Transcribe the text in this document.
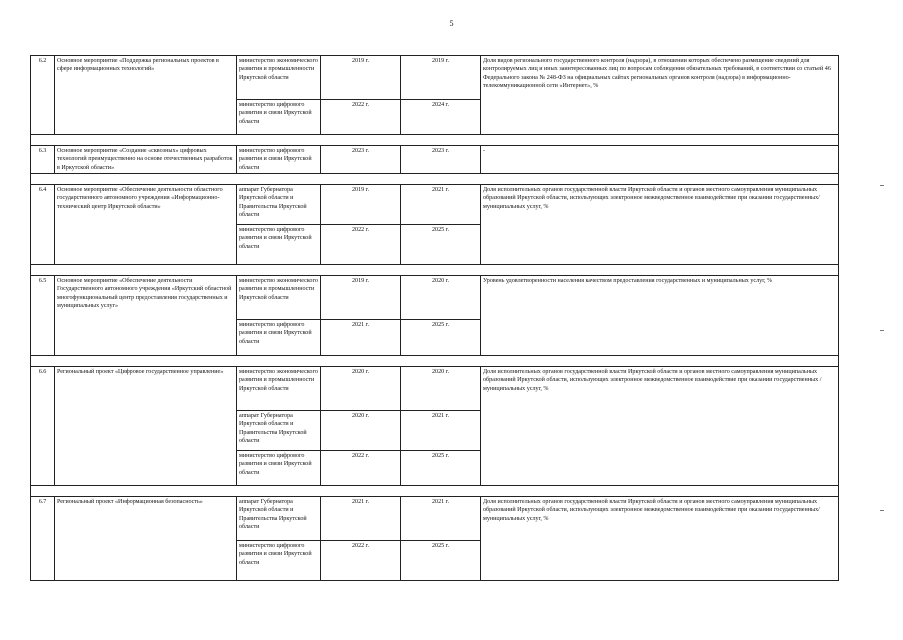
5
6.2	Основное мероприятие «Поддержка региональных проектов в сфере информационных технологий»	министерство экономического развития и промышленности Иркутской области	2019 г.	2019 г.	Доля видов регионального государственного контроля (надзора), в отношении которых обеспечено размещение сведений для контролируемых лиц и иных заинтересованных лиц по вопросам соблюдения обязательных требований, в соответствии со статьей 46 Федерального закона № 248-ФЗ на официальных сайтах региональных органов контроля (надзора) в информационно-телекоммуникационной сети «Интернет», %
		министерство цифрового развития и связи Иркутской области	2022 г.	2024 г.	

6.3	Основное мероприятие «Создание «сквозных» цифровых технологий преимущественно на основе отечественных разработок в Иркутской области»	министерство цифрового развития и связи Иркутской области	2023 г.	2023 г.	-

6.4	Основное мероприятие «Обеспечение деятельности областного государственного автономного учреждения «Информационно-технический центр Иркутской области»	аппарат Губернатора Иркутской области и Правительства Иркутской области	2019 г.	2021 г.	Доля исполнительных органов государственной власти Иркутской области и органов местного самоуправления муниципальных образований Иркутской области, использующих электронное межведомственное взаимодействие при оказании государственных/муниципальных услуг, %
		министерство цифрового развития и связи Иркутской области	2022 г.	2025 г.	

6.5	Основное мероприятие «Обеспечение деятельности Государственного автономного учреждения «Иркутский областной многофункциональный центр предоставления государственных и муниципальных услуг»	министерство экономического развития и промышленности Иркутской области	2019 г.	2020 г.	Уровень удовлетворенности населения качеством предоставления государственных и муниципальных услуг, %
		министерство цифрового развития и связи Иркутской области	2021 г.	2025 г.	

6.6	Региональный проект «Цифровое государственное управление»	министерство экономического развития и промышленности Иркутской области	2020 г.	2020 г.	Доля исполнительных органов государственной власти Иркутской области и органов местного самоуправления муниципальных образований Иркутской области, использующих электронное межведомственное взаимодействие при оказании государственных /муниципальных услуг, %
		аппарат Губернатора Иркутской области и Правительства Иркутской области	2020 г.	2021 г.	
		министерство цифрового развития и связи Иркутской области	2022 г.	2025 г.	

6.7	Региональный проект «Информационная безопасность»	аппарат Губернатора Иркутской области и Правительства Иркутской области	2021 г.	2021 г.	Доля исполнительных органов государственной власти Иркутской области и органов местного самоуправления муниципальных образований Иркутской области, использующих электронное межведомственное взаимодействие при оказании государственных/муниципальных услуг, %
		министерство цифрового развития и связи Иркутской области	2022 г.	2025 г.	
